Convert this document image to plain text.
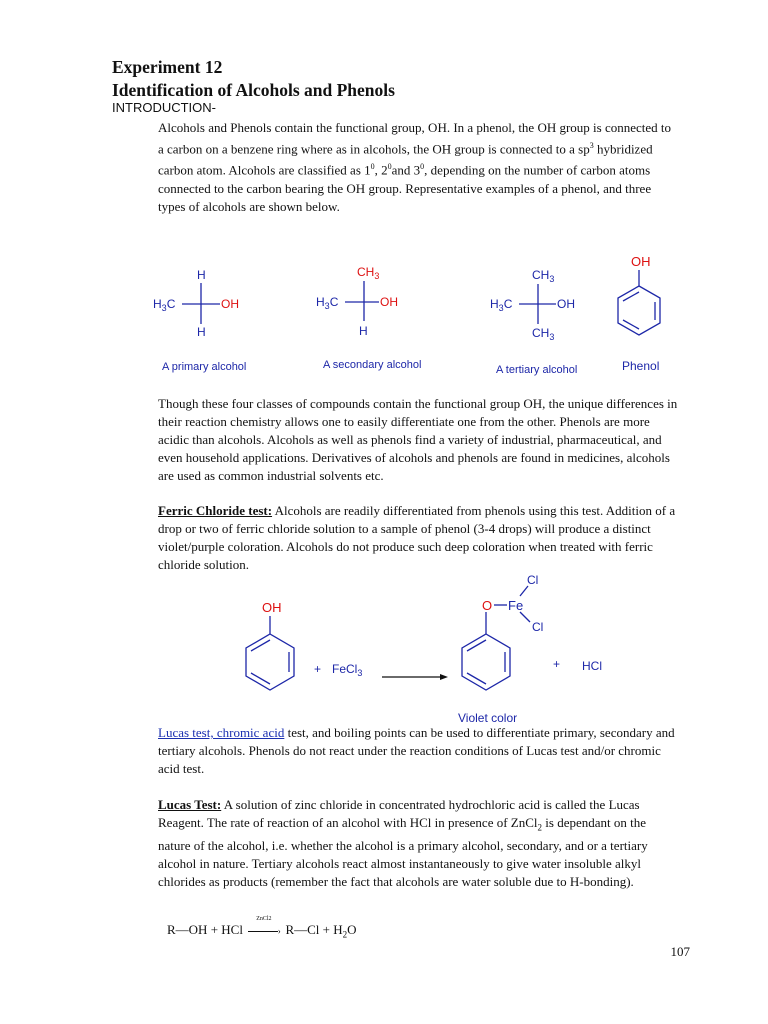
Experiment 12
Identification of Alcohols and Phenols
INTRODUCTION-
Alcohols and Phenols contain the functional group, OH. In a phenol, the OH group is connected to a carbon on a benzene ring where as in alcohols, the OH group is connected to a $sp^3$ hybridized carbon atom. Alcohols are classified as $1^0$, $2^0and$ $3^0$, depending on the number of carbon atoms connected to the carbon bearing the OH group. Representative examples of a phenol, and three types of alcohols are shown below.
H
$H_3C$	OH
H
A primary alcohol
$CH_3$
$H_3C$	OH
H
A secondary alcohol
$CH_3$
$H_3C$	OH
$CH_3$
A tertiary alcohol
OH
Phenol
Though these four classes of compounds contain the functional group OH, the unique differences in their reaction chemistry allows one to easily differentiate one from the other. Phenols are more acidic than alcohols. Alcohols as well as phenols find a variety of industrial, pharmaceutical, and even household applications. Derivatives of alcohols and phenols are found in medicines, alcohols are used as common industrial solvents etc.
Ferric Chloride test: Alcohols are readily differentiated from phenols using this test. Addition of a drop or two of ferric chloride solution to a sample of phenol (3-4 drops) will produce a distinct violet/purple coloration. Alcohols do not produce such deep coloration when treated with ferric chloride solution.
OH
+ FeCl$_3$
O Fe
Cl
Cl
+ HCl
Violet color
Lucas test, chromic acid test, and boiling points can be used to differentiate primary, secondary and tertiary alcohols. Phenols do not react under the reaction conditions of Lucas test and/or chromic acid test.
Lucas Test: A solution of zinc chloride in concentrated hydrochloric acid is called the Lucas Reagent. The rate of reaction of an alcohol with HCl in presence of ZnCl$_2$ is dependant on the nature of the alcohol, i.e. whether the alcohol is a primary alcohol, secondary, and or a tertiary alcohol in nature. Tertiary alcohols react almost instantaneously to give water insoluble alkyl chlorides as products (remember the fact that alcohols are water soluble due to H-bonding).
R—OH + HCl
ZnCl2
› R—Cl + $H_2O$
107
